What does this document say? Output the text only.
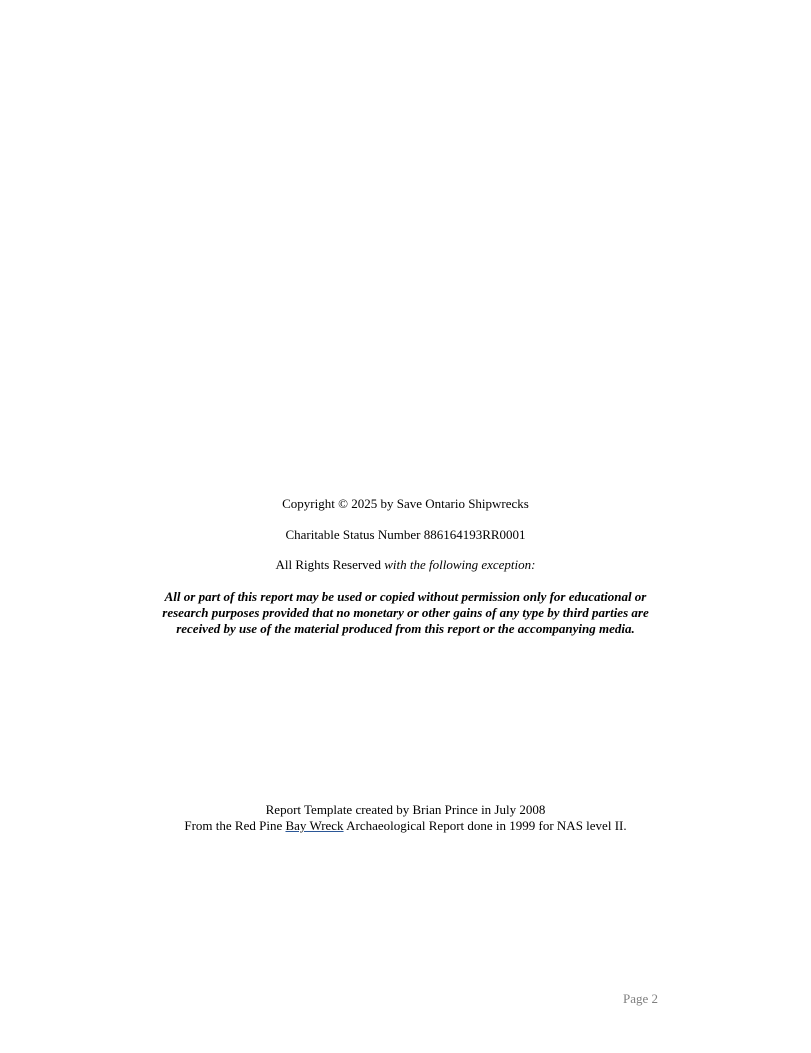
Copyright © 2025 by Save Ontario Shipwrecks
Charitable Status Number 886164193RR0001
All Rights Reserved with the following exception:
All or part of this report may be used or copied without permission only for educational or research purposes provided that no monetary or other gains of any type by third parties are received by use of the material produced from this report or the accompanying media.
Report Template created by Brian Prince in July 2008
From the Red Pine Bay Wreck Archaeological Report done in 1999 for NAS level II.
Page 2
